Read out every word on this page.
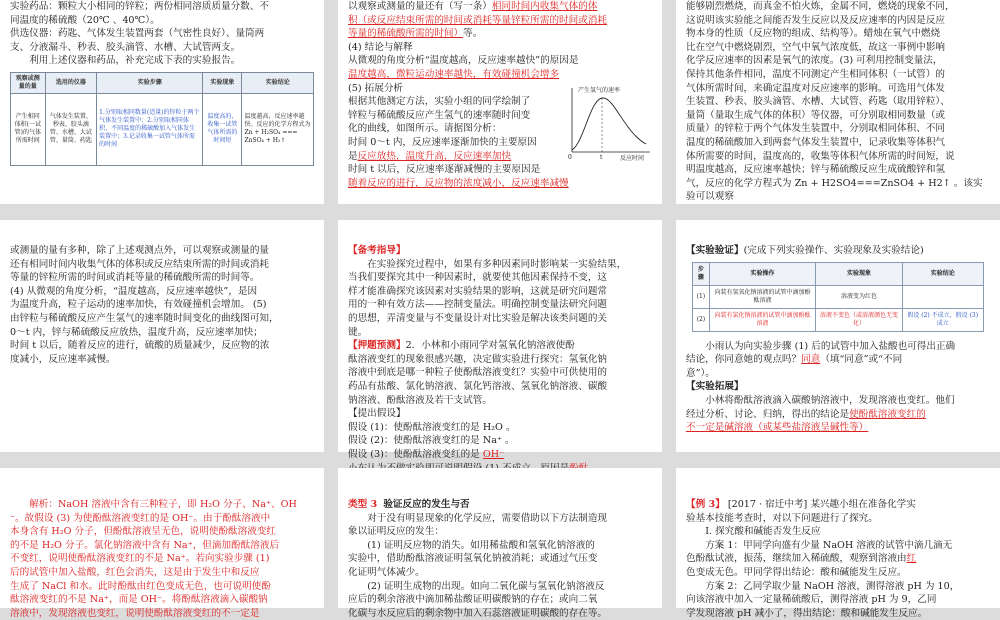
实验药品：颗粒大小相同的锌粒；两份相同溶质质量分数、不

同温度的稀硫酸（20℃ 、40℃）。

供选仪器：药匙、气体发生装置两套（气密性良好）、量筒两

支、分液漏斗、秒表、胶头滴管、水槽、大试管两支。

利用上述仪器和药品，补充完成下表的实验报告。

观察或测量的量	选用的仪器	实验步骤	实验现象	实验结论
产生相同体积(一试管)的气体所需时间	气体发生装置、秒表、胶头滴管、水槽、大试管、量筒、药匙	1.分别取相同数量(适量)的锌粒于两个气体发生装置中；2.分别取相同体积、不同温度的稀硫酸加入气体发生装置中；3.记录收集一试管气体所需的时间	温度高的，收集一试管气体所需的时间短	温度越高，反应速率越快。反应的化学方程式为 Zn + H₂SO₄ === ZnSO₄ + H₂↑

以观察或测量的量还有（写一条）相同时间内收集气体的体

积（或反应结束所需的时间或消耗等量锌粒所需的时间或消耗

等量的稀硫酸所需的时间）等。

(4) 结论与解释

从微观的角度分析“温度越高，反应速率越快”的原因是

温度越高，微粒运动速率越快，有效碰撞机会增多

(5) 拓展分析

根据其他测定方法，实验小组的同学绘制了

锌粒与稀硫酸反应产生氢气的速率随时间变

化的曲线，如图所示。请据图分析：

时间 0～t 内，反应速率逐渐加快的主要原因

是反应放热，温度升高，反应速率加快

时间 t 以后，反应速率逐渐减慢的主要原因是

随着反应的进行，反应物的浓度减小，反应速率减慢

产生氢气的速率
t
0	反应时间

能够剧烈燃烧，而真金不怕火炼，金属不同，燃烧的现象不同，

这说明该实验能之间能否发生反应以及反应速率的内因是反应

物本身的性质（反应物的组成、结构等）。蜡烛在氧气中燃烧

比在空气中燃烧剧烈，空气中氧气浓度低，故这一事例中影响

化学反应速率的因素是氧气的浓度。(3) 可利用控制变量法，

保持其他条件相同，温度不同测定产生相同体积（一试管）的

气体所需时间，来确定温度对反应速率的影响。可选用气体发

生装置、秒表、胶头滴管、水槽、大试管、药匙（取用锌粒）、

量筒（量取生成气体的体积）等仪器，可分别取相同数量（或

质量）的锌粒于两个气体发生装置中，分别取相同体积、不同

温度的稀硫酸加入到两套气体发生装置中，记录收集等体积气

体所需要的时间，温度高的，收集等体积气体所需的时间短，说

明温度越高，反应速率越快；锌与稀硫酸反应生成硫酸锌和氢

气，反应的化学方程式为 Zn + H2SO4===ZnSO4 + H2↑ 。该实

验可以观察

或测量的量有多种，除了上述观测点外，可以观察或测量的量

还有相同时间内收集气体的体积或反应结束所需的时间或消耗

等量的锌粒所需的时间或消耗等量的稀硫酸所需的时间等。

(4) 从微观的角度分析，“温度越高，反应速率越快”，是因

为温度升高，粒子运动的速率加快，有效碰撞机会增加。 (5)

由锌粒与稀硫酸反应产生氢气的速率随时间变化的曲线图可知，

0～t 内，锌与稀硫酸反应放热，温度升高，反应速率加快；

时间 t 以后，随着反应的进行，硫酸的质量减少，反应物的浓

度减小，反应速率减慢。

【备考指导】

在实验探究过程中，如果有多种因素同时影响某一实验结果，

当我们要探究其中一种因素时，就要使其他因素保持不变，这

样才能准确探究该因素对实验结果的影响，这就是研究问题常

用的一种有效方法——控制变量法。明确控制变量法研究问题

的思想，弄清变量与不变量设计对比实验是解决该类问题的关

键。

【押题预测】2．小林和小雨同学对氢氧化钠溶液使酚

酞溶液变红的现象很感兴趣，决定做实验进行探究：氢氧化钠

溶液中到底是哪一种粒子使酚酞溶液变红？实验中可供使用的

药品有盐酸、氯化钠溶液、氯化钙溶液、氢氧化钠溶液、碳酸

钠溶液、酚酞溶液及若干支试管。

【提出假设】

假设 (1)：使酚酞溶液变红的是 H₂O 。

假设 (2)：使酚酞溶液变红的是 Na⁺ 。

假设 (3)：使酚酞溶液变红的是 OH⁻

【实验验证】(完成下列实验操作、实验现象及实验结论)

步骤	实验操作	实验现象	实验结论
(1)	向装有氢氧化钠溶液的试管中滴加酚酞溶液	溶液变为红色	
(2)	向装有氯化钠溶液的试管中滴加酚酞溶液	溶液不变色（或溶液颜色无变化）	假设 (2) 不成立，假设 (3) 成立

小雨认为向实验步骤 (1) 后的试管中加入盐酸也可得出正确

结论，你同意她的观点吗？同意（填“同意”或“不同

意”）。

【实验拓展】

小林将酚酞溶液滴入碳酸钠溶液中，发现溶液也变红。他们

经过分析、讨论、归纳，得出的结论是使酚酞溶液变红的

不一定是碱溶液（或某些盐溶液呈碱性等）

解析：NaOH 溶液中含有三种粒子，即 H₂O 分子、Na⁺、OH

⁻。故假设 (3) 为使酚酞溶液变红的是 OH⁻。由于酚酞溶液中

本身含有 H₂O 分子，但酚酞溶液呈无色，说明使酚酞溶液变红

的不是 H₂O 分子。氯化钠溶液中含有 Na⁺，但滴加酚酞溶液后

不变红，说明使酚酞溶液变红的不是 Na⁺。若向实验步骤 (1)

后的试管中加入盐酸，红色会消失，这是由于发生中和反应

生成了 NaCl 和水。此时酚酞由红色变成无色，也可说明使酚

酞溶液变红的不是 Na⁺，而是 OH⁻。将酚酞溶液滴入碳酸钠

溶液中，发现溶液也变红，说明使酚酞溶液变红的不一定是

类型 3 验证反应的发生与否

对于没有明显现象的化学反应，需要借助以下方法制造现

象以证明反应的发生：

(1) 证明反应物的消失。如用稀盐酸和氢氧化钠溶液的

实验中，借助酚酞溶液证明氢氧化钠被消耗；或通过气压变

化证明气体减少。

(2) 证明生成物的出现。如向二氧化碳与氢氧化钠溶液反

应后的剩余溶液中滴加稀盐酸证明碳酸钠的存在；或向二氧

化碳与水反应后的剩余物中加入石蕊溶液证明碳酸的存在等。

【例 3】 [2017 · 宿迁中考] 某兴趣小组在准备化学实

验基本技能考查时，对以下问题进行了探究。

Ⅰ. 探究酸和碱能否发生反应

方案 1：甲同学向盛有少量 NaOH 溶液的试管中滴几滴无

色酚酞试液，振荡，继续加入稀硫酸，观察到溶液由红

色变成无色。甲同学得出结论：酸和碱能发生反应。

方案 2：乙同学取少量 NaOH 溶液，测得溶液 pH 为 10，

向该溶液中加入一定量稀硫酸后，测得溶液 pH 为 9，乙同

学发现溶液 pH 减小了，得出结论：酸和碱能发生反应。
